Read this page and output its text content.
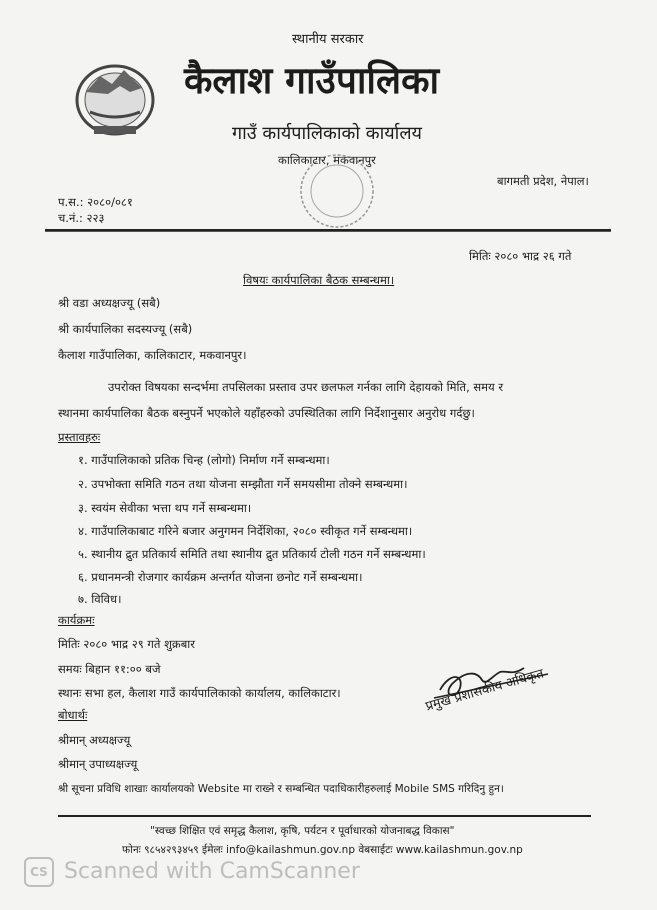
स्थानीय सरकार
कैलाश गाउँपालिका
गाउँ कार्यपालिकाको कार्यालय
कालिकाटार, मकवानपुर
बागमती प्रदेश, नेपाल।
प.स.: २०८०/०८१
च.नं.: २२३
मितिः २०८० भाद्र २६ गते
विषयः कार्यपालिका बैठक सम्बन्धमा।
श्री वडा अध्यक्षज्यू (सबै)
श्री कार्यपालिका सदस्यज्यू (सबै)
कैलाश गाउँपालिका, कालिकाटार, मकवानपुर।
उपरोक्त विषयका सन्दर्भमा तपसिलका प्रस्ताव उपर छलफल गर्नका लागि देहायको मिति, समय र
स्थानमा कार्यपालिका बैठक बस्नुपर्ने भएकोले यहाँहरुको उपस्थितिका लागि निर्देशानुसार अनुरोध गर्दछु।
प्रस्तावहरुः
१. गाउँपालिकाको प्रतिक चिन्ह (लोगो) निर्माण गर्ने सम्बन्धमा।
२. उपभोक्ता समिति गठन तथा योजना सम्झौता गर्ने समयसीमा तोक्ने सम्बन्धमा।
३. स्वयंम सेवीका भत्ता थप गर्ने सम्बन्धमा।
४. गाउँपालिकाबाट गरिने बजार अनुगमन निर्देशिका, २०८० स्वीकृत गर्ने सम्बन्धमा।
५. स्थानीय द्रुत प्रतिकार्य समिति तथा स्थानीय द्रुत प्रतिकार्य टोली गठन गर्ने सम्बन्धमा।
६. प्रधानमन्त्री रोजगार कार्यक्रम अन्तर्गत योजना छनोट गर्ने सम्बन्धमा।
७. विविध।
कार्यक्रमः
मितिः २०८० भाद्र २९ गते शुक्रबार
समयः बिहान ११:०० बजे
स्थानः सभा हल, कैलाश गाउँ कार्यपालिकाको कार्यालय, कालिकाटार।	प्रमुख प्रशासकीय अधिकृत
बोधार्थः
श्रीमान् अध्यक्षज्यू
श्रीमान् उपाध्यक्षज्यू
श्री सूचना प्रविधि शाखाः कार्यालयको Website मा राख्ने र सम्बन्धित पदाधिकारीहरुलाई Mobile SMS गरिदिनु हुन।
"स्वच्छ शिक्षित एवं समृद्ध कैलाश, कृषि, पर्यटन र पूर्वाधारको योजनाबद्ध विकास"
फोनः ९८५४२९३४५९ ईमेलः info@kailashmun.gov.np वेबसाईटः www.kailashmun.gov.np
CS Scanned with CamScanner
